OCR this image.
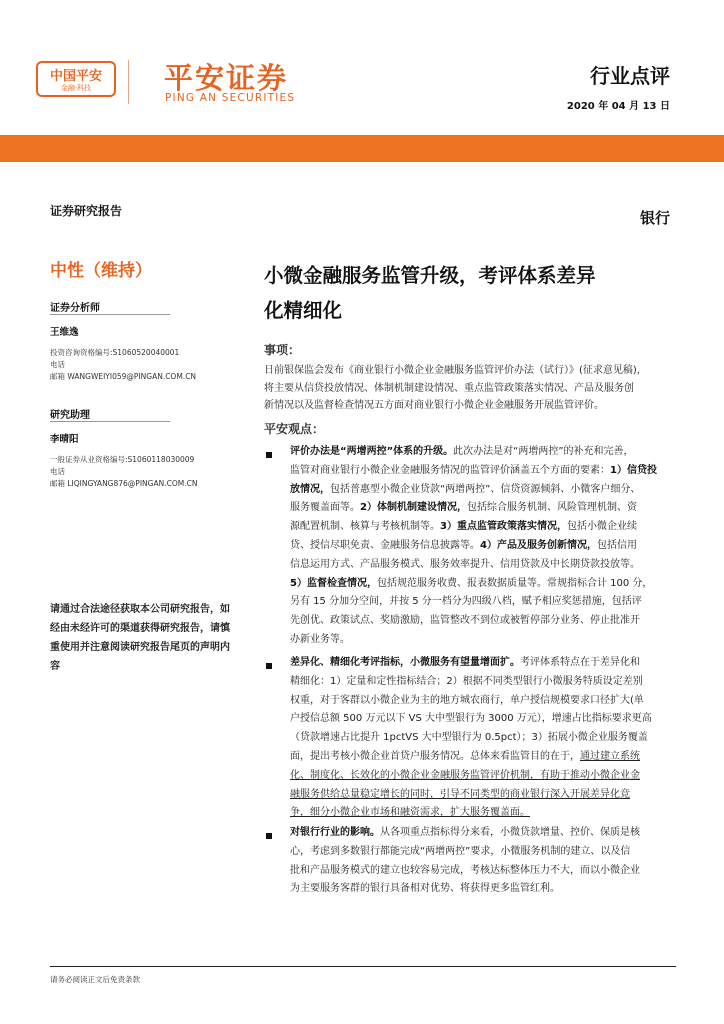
中国平安
金融·科技	平安证券
PING AN SECURITIES
行业点评
2020 年 04 月 13 日
证券研究报告
中性（维持）
证券分析师
王维逸
投资咨询资格编号:S1060520040001
电话
邮箱 WANGWEIYI059@PINGAN.COM.CN
研究助理
李晴阳
一般证券从业资格编号:S1060118030009
电话
邮箱 LIQINGYANG876@PINGAN.COM.CN
请通过合法途径获取本公司研究报告，如经由未经许可的渠道获得研究报告，请慎重使用并注意阅读研究报告尾页的声明内容
银行
小微金融服务监管升级，考评体系差异
化精细化
事项：
日前银保监会发布《商业银行小微企业金融服务监管评价办法（试行）》(征求意见稿)，
将主要从信贷投放情况、体制机制建设情况、重点监管政策落实情况、产品及服务创
新情况以及监督检查情况五方面对商业银行小微企业金融服务开展监管评价。
平安观点：
评价办法是“两增两控”体系的升级。此次办法是对“两增两控”的补充和完善，
监管对商业银行小微企业金融服务情况的监管评价涵盖五个方面的要素：1）信贷投
放情况，包括普惠型小微企业贷款“两增两控”、信贷资源倾斜、小微客户细分、
服务覆盖面等。2）体制机制建设情况，包括综合服务机制、风险管理机制、资
源配置机制、核算与考核机制等。3）重点监管政策落实情况，包括小微企业续
贷、授信尽职免责、金融服务信息披露等。4）产品及服务创新情况，包括信用
信息运用方式、产品服务模式、服务效率提升、信用贷款及中长期贷款投放等。
5）监督检查情况，包括规范服务收费、报表数据质量等。常规指标合计 100 分，
另有 15 分加分空间，并按 5 分一档分为四级八档，赋予相应奖惩措施，包括评
先创优、政策试点、奖励激励，监管整改不到位或被暂停部分业务、停止批准开
办新业务等。
差异化、精细化考评指标，小微服务有望量增面扩。考评体系特点在于差异化和
精细化：1）定量和定性指标结合；2）根据不同类型银行小微服务特质设定差别
权重，对于客群以小微企业为主的地方城农商行，单户授信规模要求口径扩大(单
户授信总额 500 万元以下 VS 大中型银行为 3000 万元），增速占比指标要求更高
（贷款增速占比提升 1pctVS 大中型银行为 0.5pct）；3）拓展小微企业服务覆盖
面，提出考核小微企业首贷户服务情况。总体来看监管目的在于，通过建立系统
化、制度化、长效化的小微企业金融服务监管评价机制，有助于推动小微企业金
融服务供给总量稳定增长的同时，引导不同类型的商业银行深入开展差异化竞
争，细分小微企业市场和融资需求，扩大服务覆盖面。
对银行行业的影响。从各项重点指标得分来看，小微贷款增量、控价、保质是核
心，考虑到多数银行都能完成“两增两控”要求，小微服务机制的建立、以及信
批和产品服务模式的建立也较容易完成，考核达标整体压力不大，而以小微企业
为主要服务客群的银行具备相对优势、将获得更多监管红利。
请务必阅读正文后免责条款
